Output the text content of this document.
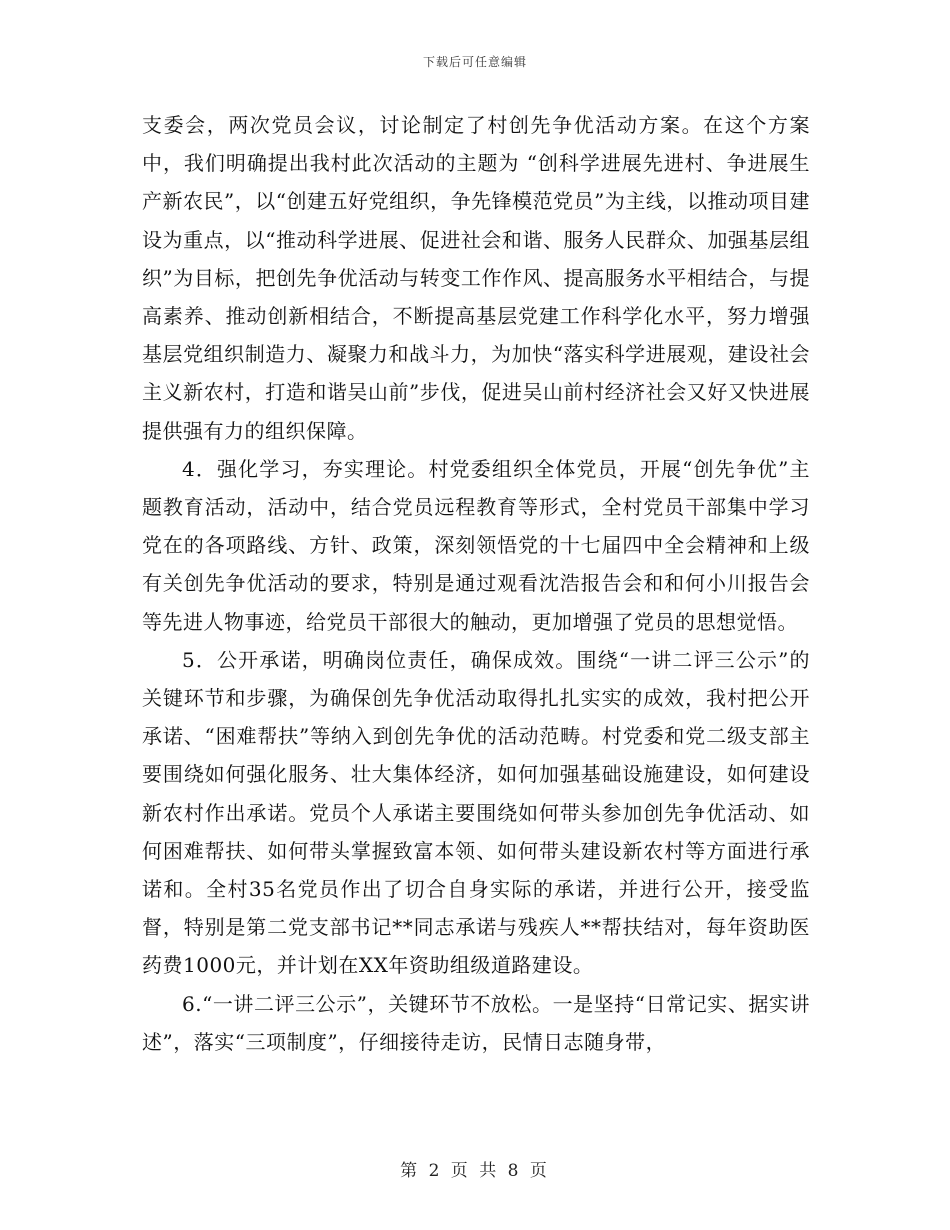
下载后可任意编辑

支委会，两次党员会议，讨论制定了村创先争优活动方案。在这个方案中，我们明确提出我村此次活动的主题为 “创科学进展先进村、争进展生产新农民”，以“创建五好党组织，争先锋模范党员”为主线，以推动项目建设为重点，以“推动科学进展、促进社会和谐、服务人民群众、加强基层组织”为目标，把创先争优活动与转变工作作风、提高服务水平相结合，与提高素养、推动创新相结合，不断提高基层党建工作科学化水平，努力增强基层党组织制造力、凝聚力和战斗力，为加快“落实科学进展观，建设社会主义新农村，打造和谐吴山前”步伐，促进吴山前村经济社会又好又快进展提供强有力的组织保障。

4．强化学习，夯实理论。村党委组织全体党员，开展“创先争优”主题教育活动，活动中，结合党员远程教育等形式，全村党员干部集中学习党在的各项路线、方针、政策，深刻领悟党的十七届四中全会精神和上级有关创先争优活动的要求，特别是通过观看沈浩报告会和和何小川报告会等先进人物事迹，给党员干部很大的触动，更加增强了党员的思想觉悟。

5．公开承诺，明确岗位责任，确保成效。围绕“一讲二评三公示”的关键环节和步骤，为确保创先争优活动取得扎扎实实的成效，我村把公开承诺、“困难帮扶”等纳入到创先争优的活动范畴。村党委和党二级支部主要围绕如何强化服务、壮大集体经济，如何加强基础设施建设，如何建设新农村作出承诺。党员个人承诺主要围绕如何带头参加创先争优活动、如何困难帮扶、如何带头掌握致富本领、如何带头建设新农村等方面进行承诺和。全村35名党员作出了切合自身实际的承诺，并进行公开，接受监督，特别是第二党支部书记**同志承诺与残疾人**帮扶结对，每年资助医药费1000元，并计划在XX年资助组级道路建设。

6.“一讲二评三公示”，关键环节不放松。一是坚持“日常记实、据实讲述”，落实“三项制度”，仔细接待走访，民情日志随身带，

第 2 页 共 8 页
